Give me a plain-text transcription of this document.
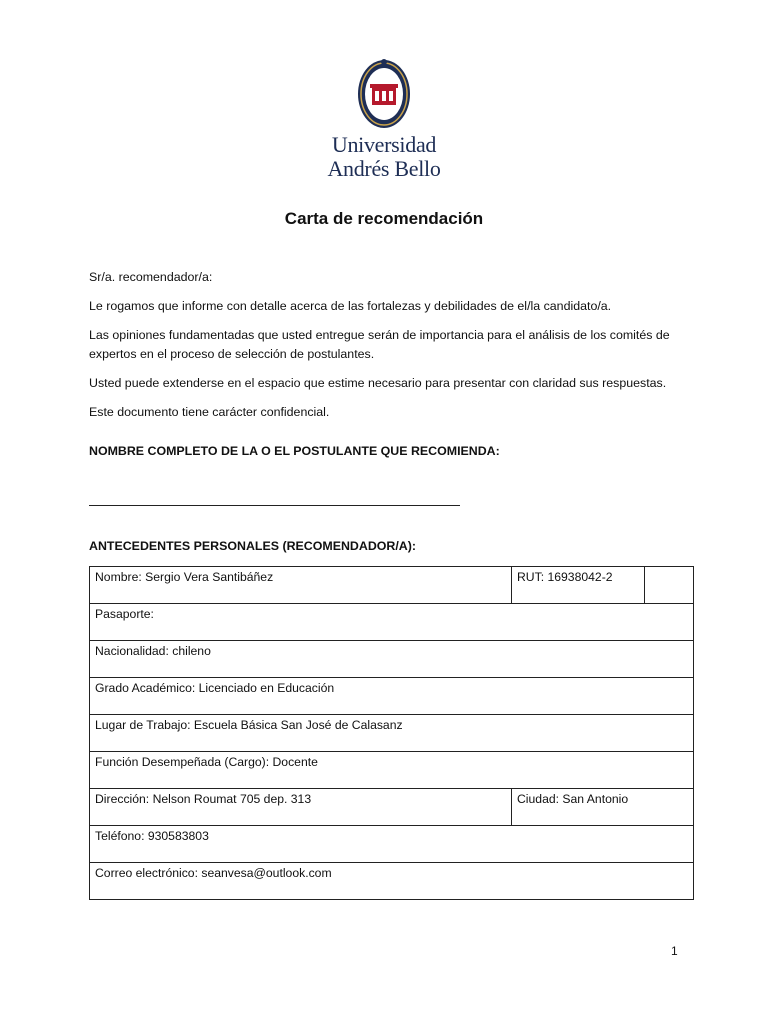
Universidad
Andrés Bello
Carta de recomendación
Sr/a. recomendador/a:
Le rogamos que informe con detalle acerca de las fortalezas y debilidades de el/la candidato/a.
Las opiniones fundamentadas que usted entregue serán de importancia para el análisis de los comités de expertos en el proceso de selección de postulantes.
Usted puede extenderse en el espacio que estime necesario para presentar con claridad sus respuestas.
Este documento tiene carácter confidencial.
NOMBRE COMPLETO DE LA O EL POSTULANTE QUE RECOMIENDA:
ANTECEDENTES PERSONALES (RECOMENDADOR/A):
Nombre: Sergio Vera Santibáñez	RUT: 16938042-2	
Pasaporte:		
Nacionalidad: chileno		
Grado Académico: Licenciado en Educación		
Lugar de Trabajo: Escuela Básica San José de Calasanz		
Función Desempeñada (Cargo): Docente		
Dirección: Nelson Roumat 705 dep. 313	Ciudad: San Antonio	
Teléfono: 930583803		
Correo electrónico: seanvesa@outlook.com		
1
